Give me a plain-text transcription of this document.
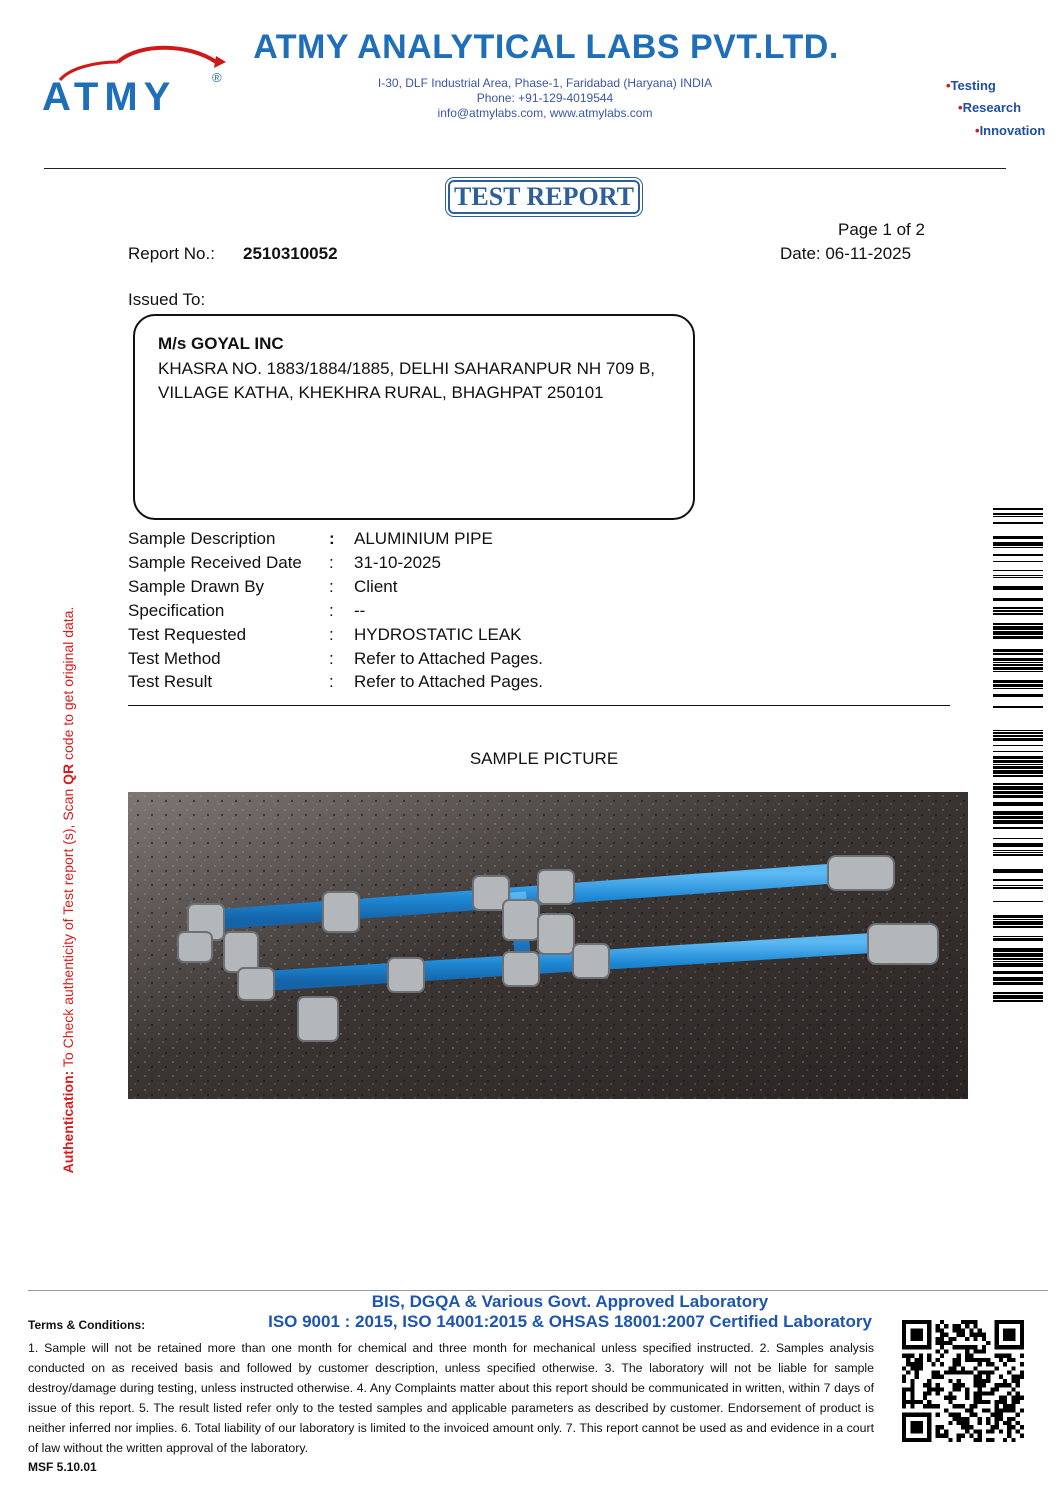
ATMY	®
ATMY ANALYTICAL LABS PVT.LTD.
I-30, DLF Industrial Area, Phase-1, Faridabad (Haryana) INDIA
Phone: +91-129-4019544
info@atmylabs.com, www.atmylabs.com
•Testing
•Research
•Innovation
TEST REPORT
Page 1 of 2
Report No.: 2510310052	Date: 06-11-2025
Issued To:
M/s GOYAL INC
KHASRA NO. 1883/1884/1885, DELHI SAHARANPUR NH 709 B,
VILLAGE KATHA, KHEKHRA RURAL, BHAGHPAT 250101
Sample Description	: ALUMINIUM PIPE
Sample Received Date : 31-10-2025
Sample Drawn By	: Client
Specification	: --
Test Requested	: HYDROSTATIC LEAK
Test Method	: Refer to Attached Pages.
Test Result	: Refer to Attached Pages.
SAMPLE PICTURE
Authentication: To Check authenticity of Test report (s), Scan QR code to get original data.
BIS, DGQA & Various Govt. Approved Laboratory
ISO 9001 : 2015, ISO 14001:2015 & OHSAS 18001:2007 Certified Laboratory
Terms & Conditions:
1. Sample will not be retained more than one month for chemical and three month for mechanical unless specified instructed. 2. Samples analysis conducted on as received basis and followed by customer description, unless specified otherwise. 3. The laboratory will not be liable for sample destroy/damage during testing, unless instructed otherwise. 4. Any Complaints matter about this report should be communicated in written, within 7 days of issue of this report. 5. The result listed refer only to the tested samples and applicable parameters as described by customer. Endorsement of product is neither inferred nor implies. 6. Total liability of our laboratory is limited to the invoiced amount only. 7. This report cannot be used as and evidence in a court of law without the written approval of the laboratory.
MSF 5.10.01
